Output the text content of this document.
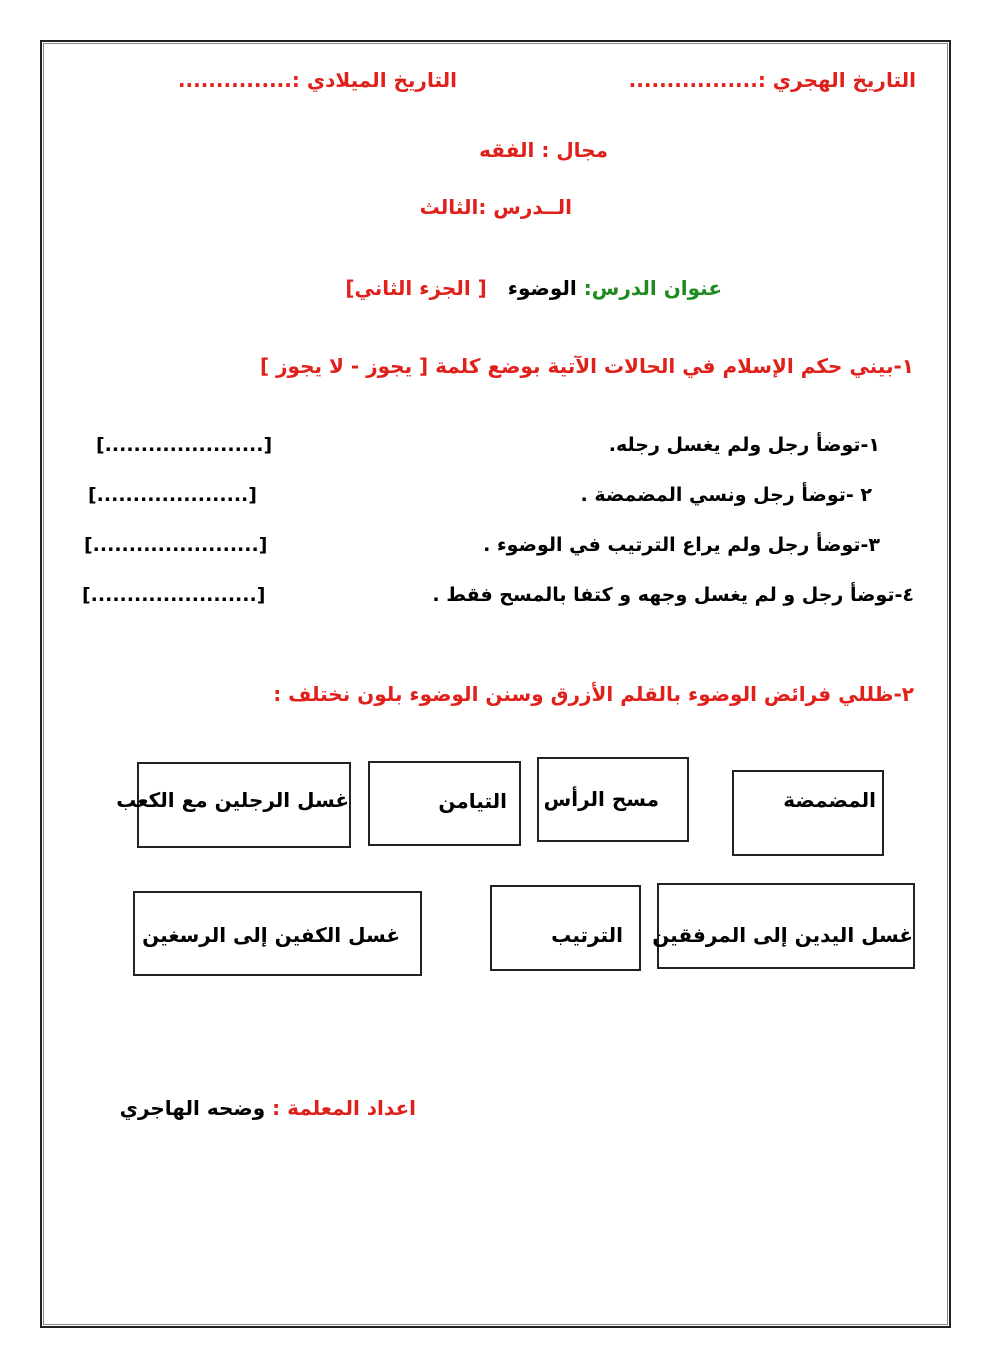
التاريخ الهجري :.................
التاريخ الميلادي :...............
مجال : الفقه
الــدرس :الثالث
عنوان الدرس: الوضوء [ الجزء الثاني]
١-بيني حكم الإسلام في الحالات الآتية بوضع كلمة [ يجوز - لا يجوز ]
١-توضأ رجل ولم يغسل رجله.
[......................]
٢ -توضأ رجل ونسي المضمضة .
[.....................]
٣-توضأ رجل ولم يراع الترتيب في الوضوء .
[.......................]
٤-توضأ رجل و لم يغسل وجهه و كتفا بالمسح فقط .
[.......................]
٢-ظللي فرائض الوضوء بالقلم الأزرق وسنن الوضوء بلون نختلف :
المضمضة
مسح الرأس
التيامن
غسل الرجلين مع الكعب
غسل اليدين إلى المرفقين
الترتيب
غسل الكفين إلى الرسغين
اعداد المعلمة : وضحه الهاجري
